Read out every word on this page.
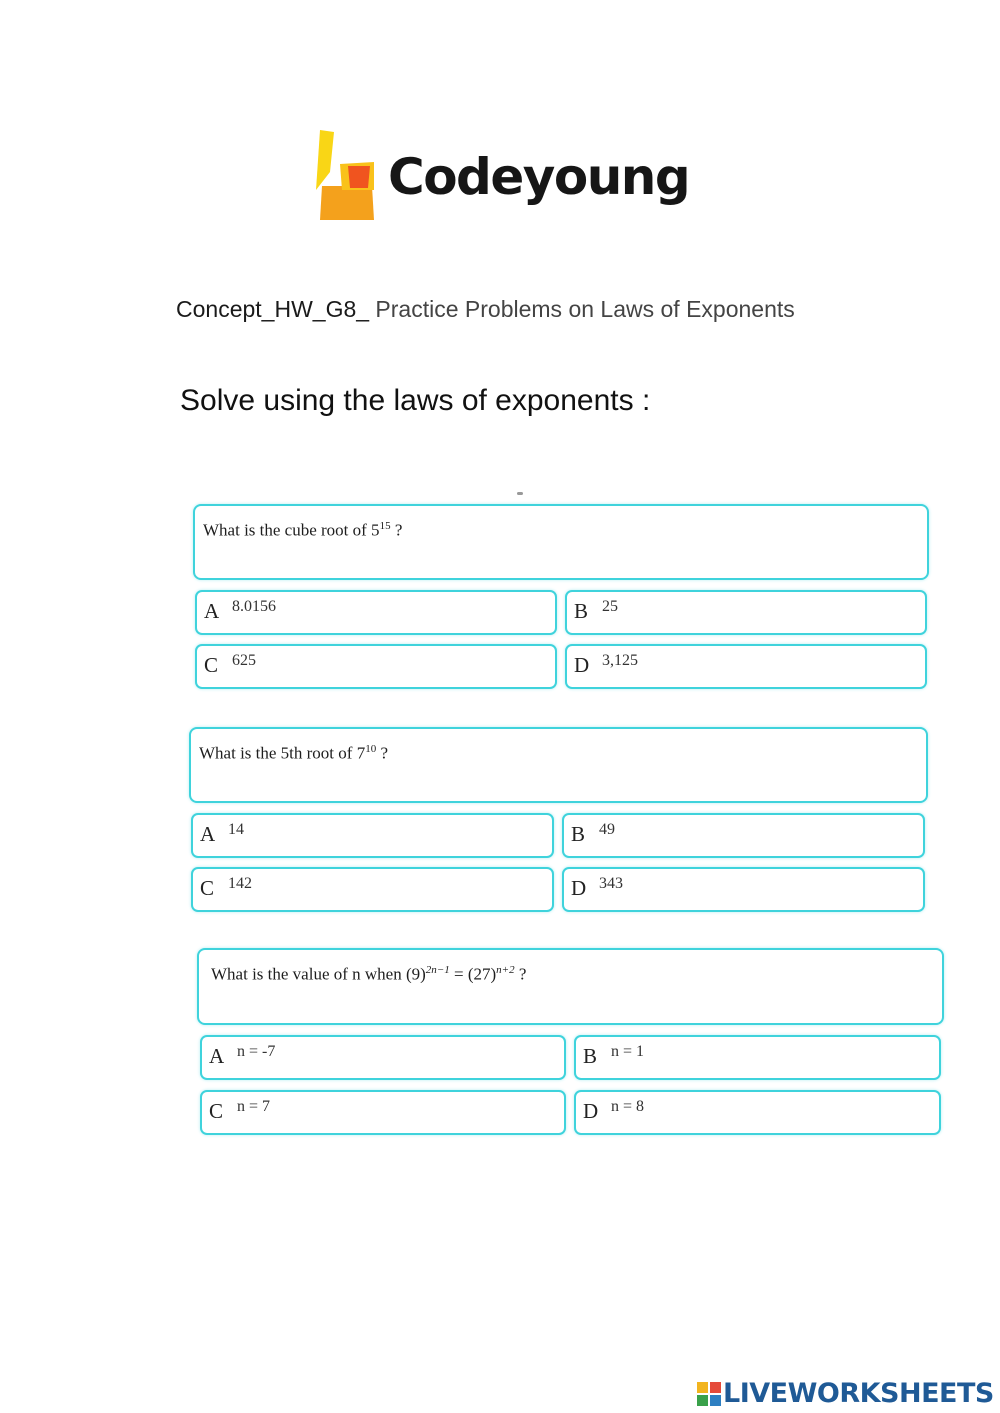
Codeyoung
Concept_HW_G8_ Practice Problems on Laws of Exponents
Solve using the laws of exponents :
What is the cube root of $5^{15}$ ?
A 8.0156	B 25
C 625	D 3,125
What is the 5th root of $7^{10}$ ?
A 14	B 49
C 142	D 343
What is the value of n when $(9)^{2n-1} = (27)^{n+2}$ ?
A n = -7	B n = 1
C n = 7	D n = 8
LIVEWORKSHEETS
